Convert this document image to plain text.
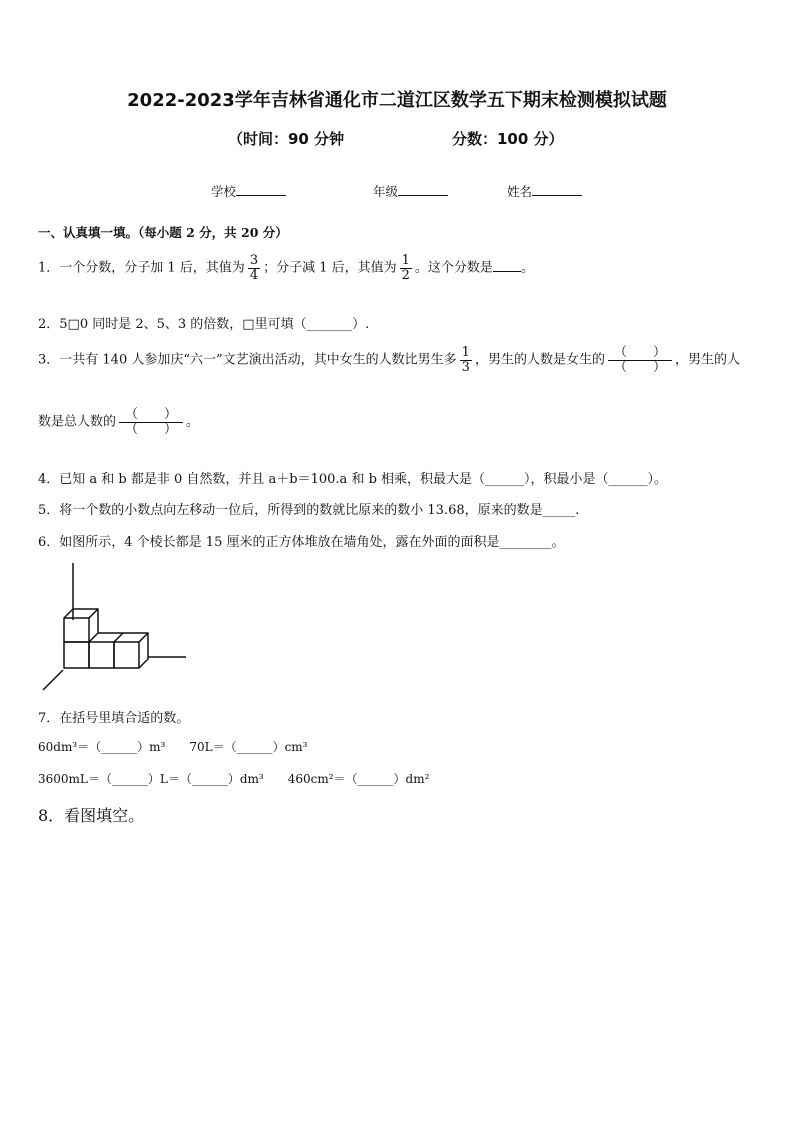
2022-2023学年吉林省通化市二道江区数学五下期末检测模拟试题
（时间：90 分钟	分数：100 分）
学校	年级	姓名
一、认真填一填。（每小题 2 分，共 20 分）
1．一个分数，分子加 1 后，其值为 $\frac{3}{4}$ ；分子减 1 后，其值为 $\frac{1}{2}$ 。这个分数是 。
2．5□0 同时是 2、5、3 的倍数，□里可填（_______）.
3．一共有 140 人参加庆“六一”文艺演出活动，其中女生的人数比男生多 $\frac{1}{3}$ ，男生的人数是女生的 $\frac{( )}{( )}$ ，男生的人
数是总人数的 $\frac{( )}{( )}$ 。
4．已知 a 和 b 都是非 0 自然数，并且 a＋b＝100.a 和 b 相乘，积最大是（______），积最小是（______）。
5．将一个数的小数点向左移动一位后，所得到的数就比原来的数小 13.68，原来的数是_____.
6．如图所示，4 个棱长都是 15 厘米的正方体堆放在墙角处，露在外面的面积是________。
7．在括号里填合适的数。
60dm³＝（______）m³　　70L＝（______）cm³
3600mL＝（______）L＝（______）dm³　　460cm²＝（______）dm²
8．看图填空。
